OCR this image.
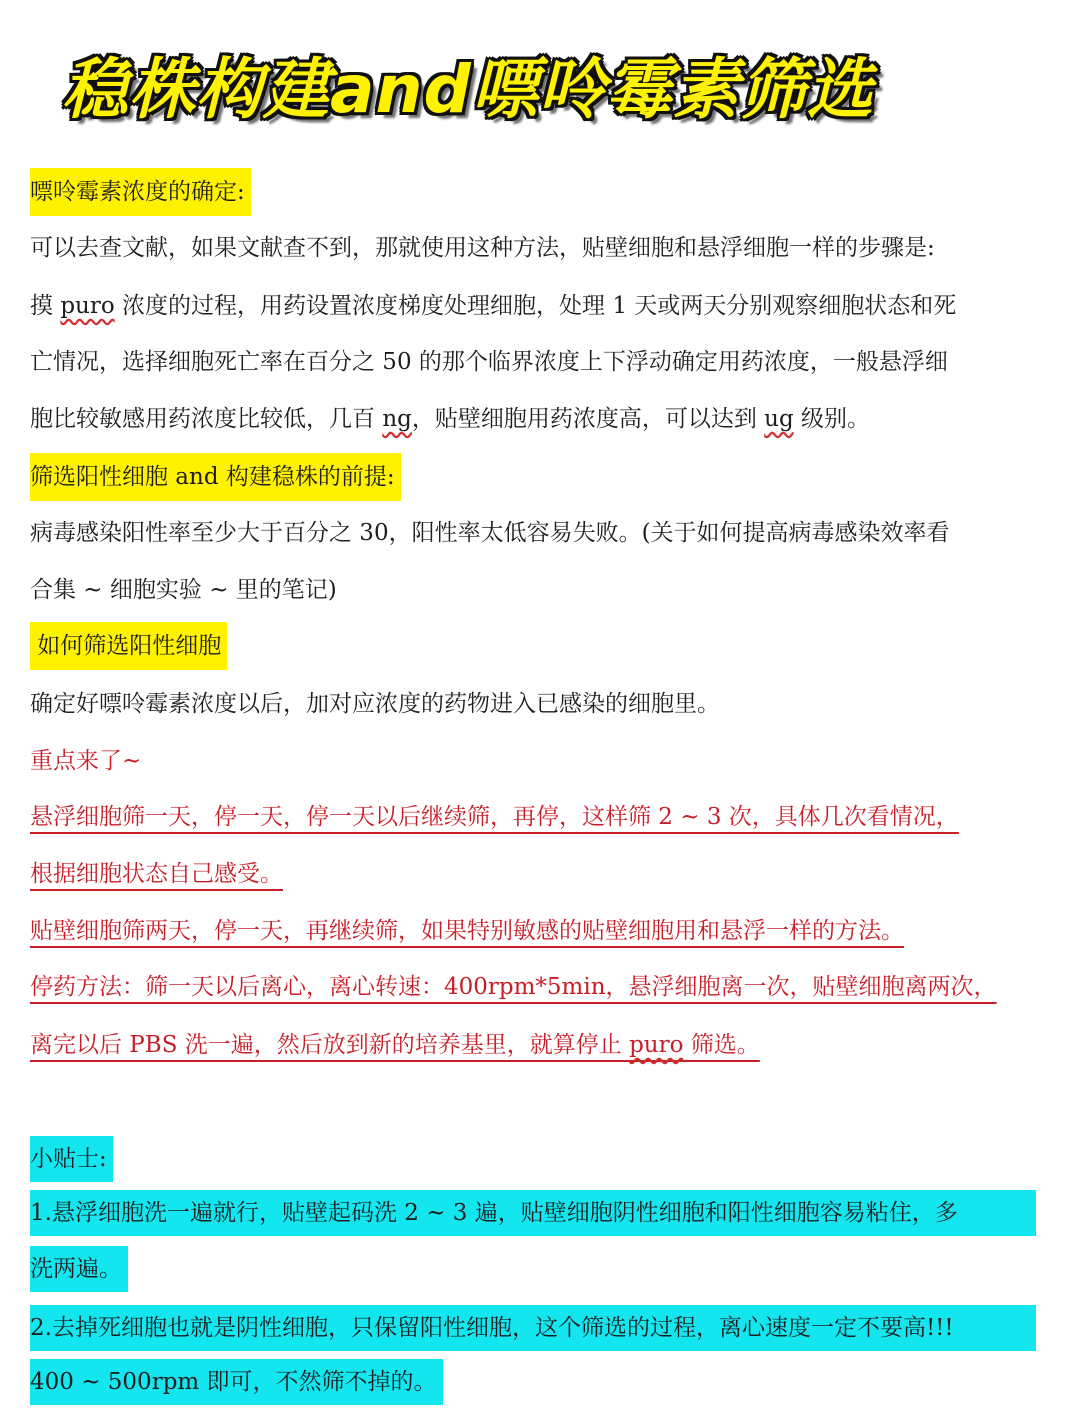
稳株构建and嘌呤霉素筛选
嘌呤霉素浓度的确定:
可以去查文献，如果文献查不到，那就使用这种方法，贴壁细胞和悬浮细胞一样的步骤是:
摸 puro 浓度的过程，用药设置浓度梯度处理细胞，处理 1 天或两天分别观察细胞状态和死
亡情况，选择细胞死亡率在百分之 50 的那个临界浓度上下浮动确定用药浓度，一般悬浮细
胞比较敏感用药浓度比较低，几百 ng，贴壁细胞用药浓度高，可以达到 ug 级别。
筛选阳性细胞 and 构建稳株的前提:
病毒感染阳性率至少大于百分之 30，阳性率太低容易失败。(关于如何提高病毒感染效率看
合集 ~ 细胞实验 ~ 里的笔记)
如何筛选阳性细胞
确定好嘌呤霉素浓度以后，加对应浓度的药物进入已感染的细胞里。
重点来了~
悬浮细胞筛一天，停一天，停一天以后继续筛，再停，这样筛 2 ~ 3 次，具体几次看情况，
根据细胞状态自己感受。
贴壁细胞筛两天，停一天，再继续筛，如果特别敏感的贴壁细胞用和悬浮一样的方法。
停药方法：筛一天以后离心，离心转速：400rpm*5min，悬浮细胞离一次，贴壁细胞离两次，
离完以后 PBS 洗一遍，然后放到新的培养基里，就算停止 puro 筛选。
小贴士:
1.悬浮细胞洗一遍就行，贴壁起码洗 2 ~ 3 遍，贴壁细胞阴性细胞和阳性细胞容易粘住，多
洗两遍。
2.去掉死细胞也就是阴性细胞，只保留阳性细胞，这个筛选的过程，离心速度一定不要高!!!
400 ~ 500rpm 即可，不然筛不掉的。
